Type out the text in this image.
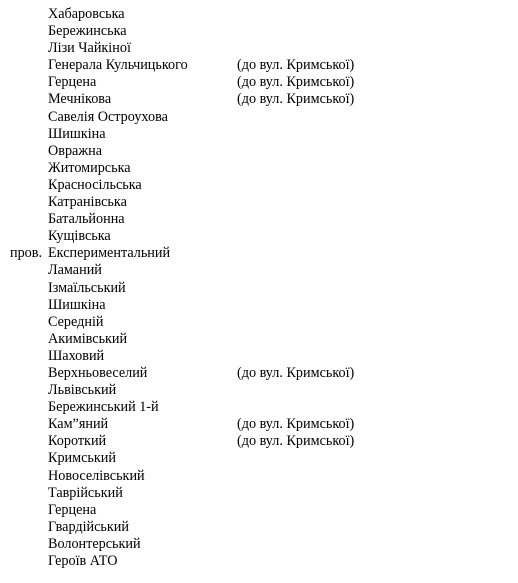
Хабаровська
Бережинська
Лізи Чайкіної
Генерала Кульчицького	(до вул. Кримської)
Герцена	(до вул. Кримської)
Мечнікова	(до вул. Кримської)
Савелія Остроухова
Шишкіна
Овражна
Житомирська
Красносільська
Катранівська
Батальйонна
Кущівська
пров. Експериментальний
Ламаний
Ізмаїльський
Шишкіна
Середній
Акимівський
Шаховий
Верхньовеселий	(до вул. Кримської)
Львівський
Бережинський 1-й
Кам”яний	(до вул. Кримської)
Короткий	(до вул. Кримської)
Кримський
Новоселівський
Таврійський
Герцена
Гвардійський
Волонтерський
Героїв АТО
